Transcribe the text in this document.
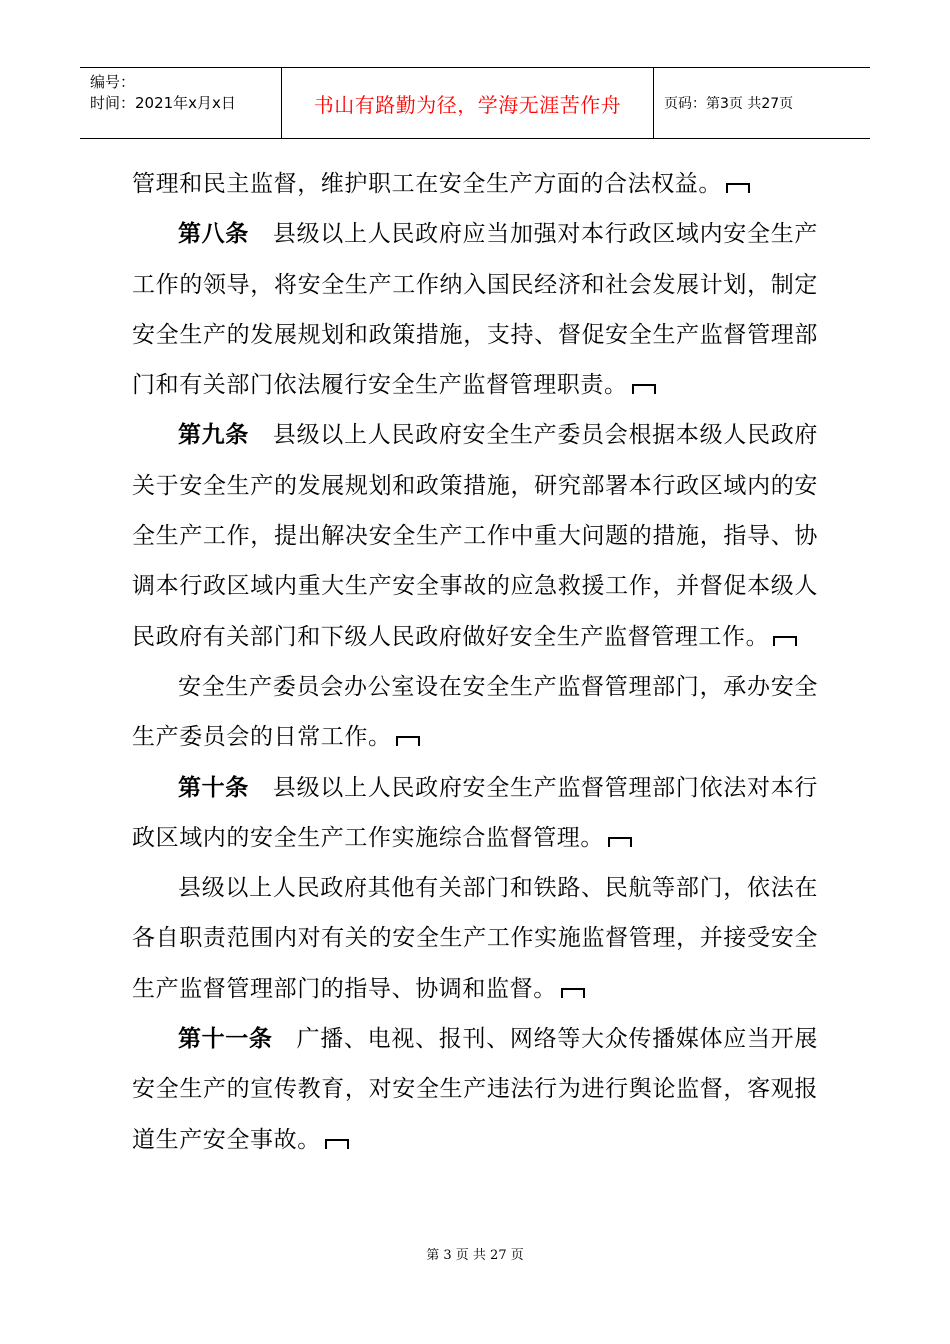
编号：
时间：2021年x月x日	书山有路勤为径，学海无涯苦作舟	页码：第3页 共27页

管理和民主监督，维护职工在安全生产方面的合法权益。

第八条 县级以上人民政府应当加强对本行政区域内安全生产工作的领导，将安全生产工作纳入国民经济和社会发展计划，制定安全生产的发展规划和政策措施，支持、督促安全生产监督管理部门和有关部门依法履行安全生产监督管理职责。

第九条 县级以上人民政府安全生产委员会根据本级人民政府关于安全生产的发展规划和政策措施，研究部署本行政区域内的安全生产工作，提出解决安全生产工作中重大问题的措施，指导、协调本行政区域内重大生产安全事故的应急救援工作，并督促本级人民政府有关部门和下级人民政府做好安全生产监督管理工作。

安全生产委员会办公室设在安全生产监督管理部门，承办安全生产委员会的日常工作。

第十条 县级以上人民政府安全生产监督管理部门依法对本行政区域内的安全生产工作实施综合监督管理。

县级以上人民政府其他有关部门和铁路、民航等部门，依法在各自职责范围内对有关的安全生产工作实施监督管理，并接受安全生产监督管理部门的指导、协调和监督。

第十一条 广播、电视、报刊、网络等大众传播媒体应当开展安全生产的宣传教育，对安全生产违法行为进行舆论监督，客观报道生产安全事故。

第 3 页 共 27 页
